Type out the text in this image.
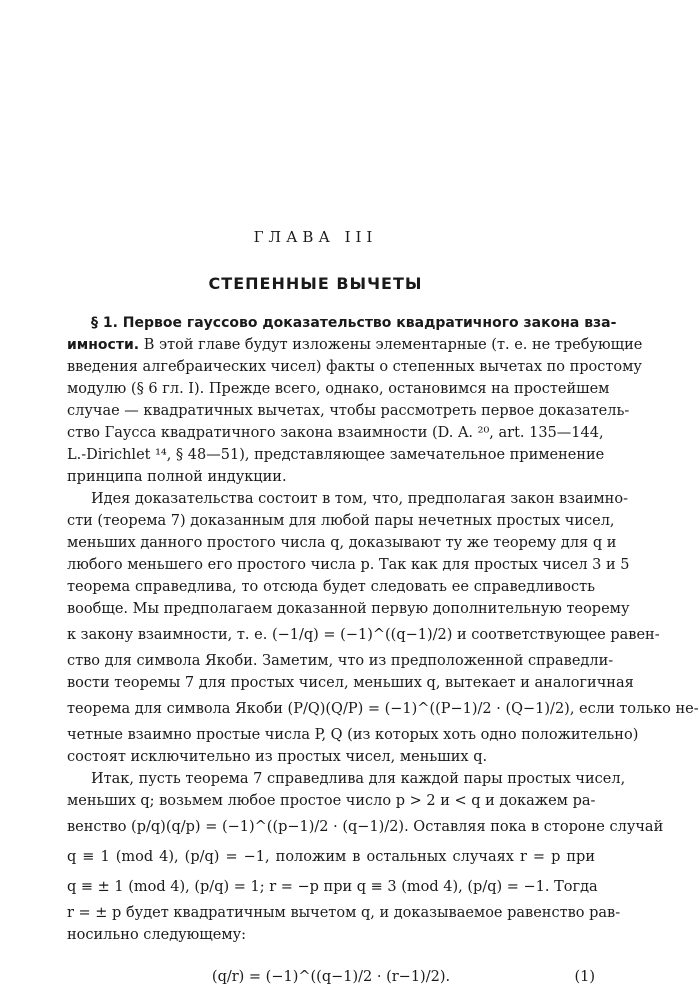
ГЛАВА III
СТЕПЕННЫЕ ВЫЧЕТЫ
§ 1. Первое гауссово доказательство квадратичного закона вза-
имности. В этой главе будут изложены элементарные (т. е. не требующие
введения алгебраических чисел) факты о степенных вычетах по простому
модулю (§ 6 гл. I). Прежде всего, однако, остановимся на простейшем
случае — квадратичных вычетах, чтобы рассмотреть первое доказатель-
ство Гаусса квадратичного закона взаимности (D. A. ²⁰, art. 135—144,
L.-Dirichlet ¹⁴, § 48—51), представляющее замечательное применение
принципа полной индукции.
Идея доказательства состоит в том, что, предполагая закон взаимно-
сти (теорема 7) доказанным для любой пары нечетных простых чисел,
меньших данного простого числа q, доказывают ту же теорему для q и
любого меньшего его простого числа p. Так как для простых чисел 3 и 5
теорема справедлива, то отсюда будет следовать ее справедливость
вообще. Мы предполагаем доказанной первую дополнительную теорему
к закону взаимности, т. е. (−1/q) = (−1)^((q−1)/2) и соответствующее равен-
ство для символа Якоби. Заметим, что из предположенной справедли-
вости теоремы 7 для простых чисел, меньших q, вытекает и аналогичная
теорема для символа Якоби (P/Q)(Q/P) = (−1)^((P−1)/2 · (Q−1)/2), если только не-
четные взаимно простые числа P, Q (из которых хоть одно положительно)
состоят исключительно из простых чисел, меньших q.
Итак, пусть теорема 7 справедлива для каждой пары простых чисел,
меньших q; возьмем любое простое число p > 2 и < q и докажем ра-
венство (p/q)(q/p) = (−1)^((p−1)/2 · (q−1)/2). Оставляя пока в стороне случай
q ≡ 1 (mod 4), (p/q) = −1, положим в остальных случаях r = p при
q ≡ ± 1 (mod 4), (p/q) = 1; r = −p при q ≡ 3 (mod 4), (p/q) = −1. Тогда
r = ± p будет квадратичным вычетом q, и доказываемое равенство рав-
носильно следующему:
(q/r) = (−1)^((q−1)/2 · (r−1)/2).	(1)
